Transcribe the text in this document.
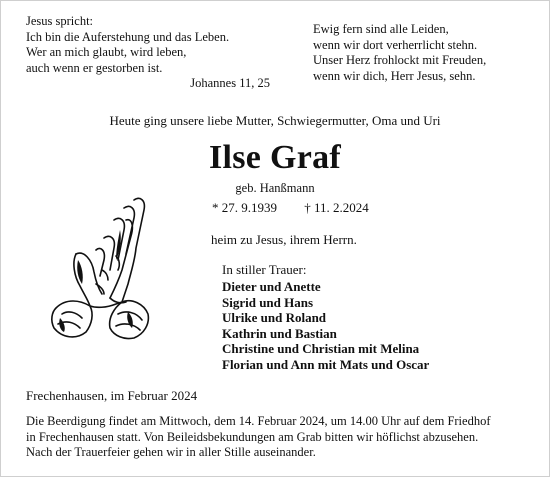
Jesus spricht:
Ich bin die Auferstehung und das Leben.
Wer an mich glaubt, wird leben,
auch wenn er gestorben ist.
Johannes 11, 25
Ewig fern sind alle Leiden,
wenn wir dort verherrlicht stehn.
Unser Herz frohlockt mit Freuden,
wenn wir dich, Herr Jesus, sehn.
Heute ging unsere liebe Mutter, Schwiegermutter, Oma und Uri
Ilse Graf
geb. Hanßmann
* 27. 9.1939 † 11. 2.2024
heim zu Jesus, ihrem Herrn.
In stiller Trauer:
Dieter und Anette
Sigrid und Hans
Ulrike und Roland
Kathrin und Bastian
Christine und Christian mit Melina
Florian und Ann mit Mats und Oscar
Frechenhausen, im Februar 2024
Die Beerdigung findet am Mittwoch, dem 14. Februar 2024, um 14.00 Uhr auf dem Friedhof
in Frechenhausen statt. Von Beileidsbekundungen am Grab bitten wir höflichst abzusehen.
Nach der Trauerfeier gehen wir in aller Stille auseinander.
